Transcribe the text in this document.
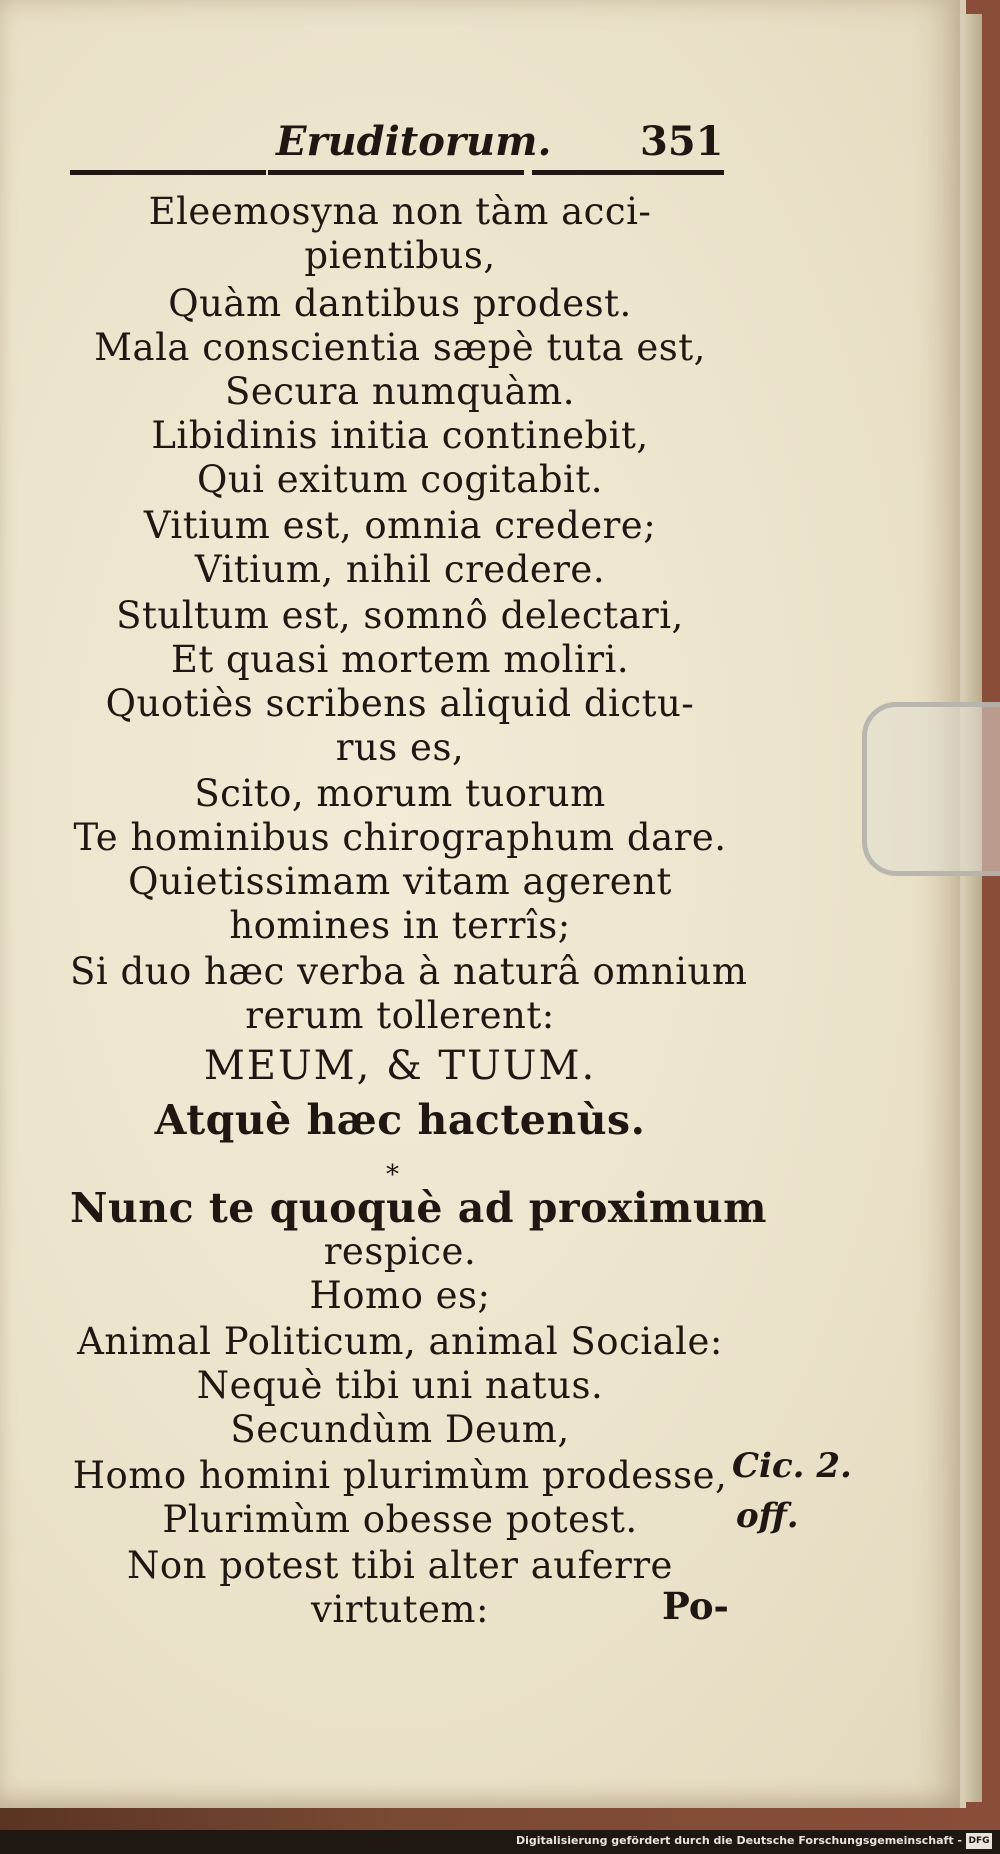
Eruditorum. 351
Eleemosyna non tàm acci-
pientibus,
Quàm dantibus prodest.
Mala conscientia sæpè tuta est,
Secura numquàm.
Libidinis initia continebit,
Qui exitum cogitabit.
Vitium est, omnia credere;
Vitium, nihil credere.
Stultum est, somnô delectari,
Et quasi mortem moliri.
Quotiès scribens aliquid dictu-
rus es,
Scito, morum tuorum
Te hominibus chirographum dare.
Quietissimam vitam agerent
homines in terrîs;
Si duo hæc verba à naturâ omnium
rerum tollerent:
MEUM, & TUUM.
Atquè hæc hactenùs.
*
Nunc te quoquè ad proximum
respice.
Homo es;
Animal Politicum, animal Sociale:
Nequè tibi uni natus.
Secundùm Deum,
Homo homini plurimùm prodesse,
Plurimùm obesse potest.
Non potest tibi alter auferre
virtutem:
Cic. 2.
off.
Po-
Digitalisierung gefördert durch die Deutsche Forschungsgemeinschaft - DFG
